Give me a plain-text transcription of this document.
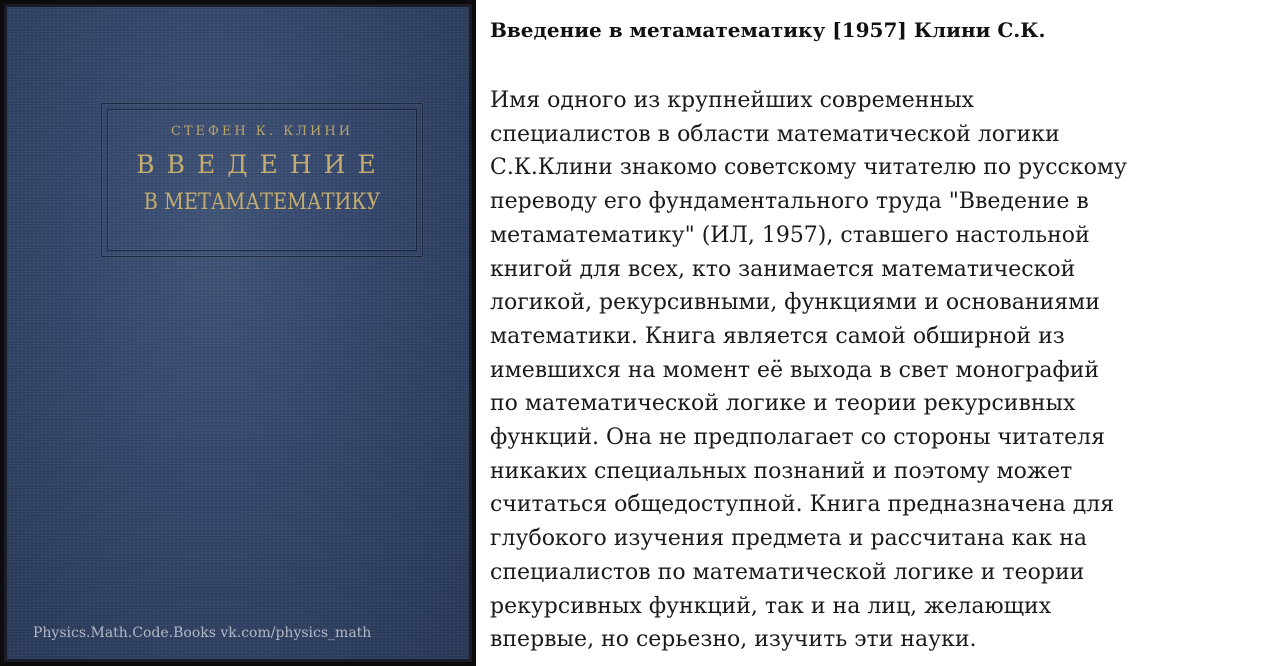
СТЕФЕН К. КЛИНИ
ВВЕДЕНИЕ
В МЕТАМАТЕМАТИКУ
Physics.Math.Code.Books vk.com/physics_math
Введение в метаматематику [1957] Клини С.К.

Имя одного из крупнейших современных
специалистов в области математической логики
С.К.Клини знакомо советскому читателю по русскому
переводу его фундаментального труда "Введение в
метаматематику" (ИЛ, 1957), ставшего настольной
книгой для всех, кто занимается математической
логикой, рекурсивными, функциями и основаниями
математики. Книга является самой обширной из
имевшихся на момент её выхода в свет монографий
по математической логике и теории рекурсивных
функций. Она не предполагает со стороны читателя
никаких специальных познаний и поэтому может
считаться общедоступной. Книга предназначена для
глубокого изучения предмета и рассчитана как на
специалистов по математической логике и теории
рекурсивных функций, так и на лиц, желающих
впервые, но серьезно, изучить эти науки.
